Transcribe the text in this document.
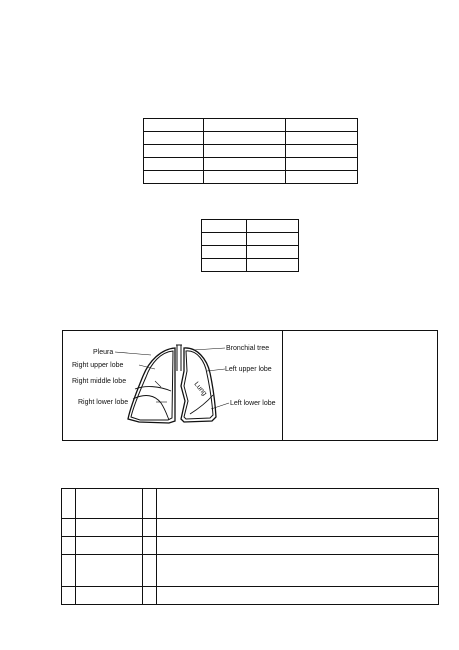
Pleura
Right upper lobe
Right middle lobe
Right lower lobe
Bronchial tree
Left upper lobe
Lung
Left lower lobe
